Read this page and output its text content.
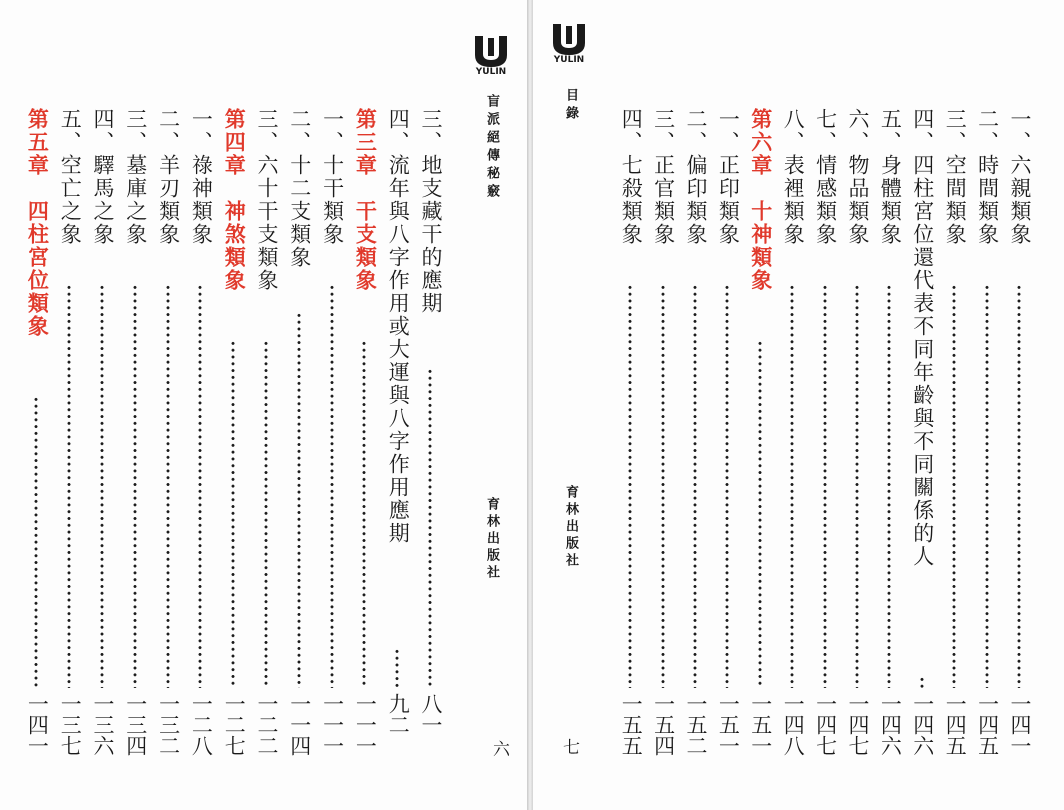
YULIN
盲派絕傳秘竅
育林出版社
六
三、地支藏干的應期
八一
四、流年與八字作用或大運與八字作用應期
九二
第三章　干支類象
一一一
一、十干類象
一一一
二、十二支類象
一一四
三、六十干支類象
一二二
第四章　神煞類象
一二七
一、祿神類象
一二八
二、羊刃類象
一三二
三、墓庫之象
一三四
四、驛馬之象
一三六
五、空亡之象
一三七
第五章　四柱宮位類象
一四一
YULIN
目錄
育林出版社
七
一、六親類象
一四一
二、時間類象
一四五
三、空間類象
一四五
四、四柱宮位還代表不同年齡與不同關係的人
一四六
五、身體類象
一四六
六、物品類象
一四七
七、情感類象
一四七
八、表裡類象
一四八
第六章　十神類象
一五一
一、正印類象
一五一
二、偏印類象
一五二
三、正官類象
一五四
四、七殺類象
一五五
